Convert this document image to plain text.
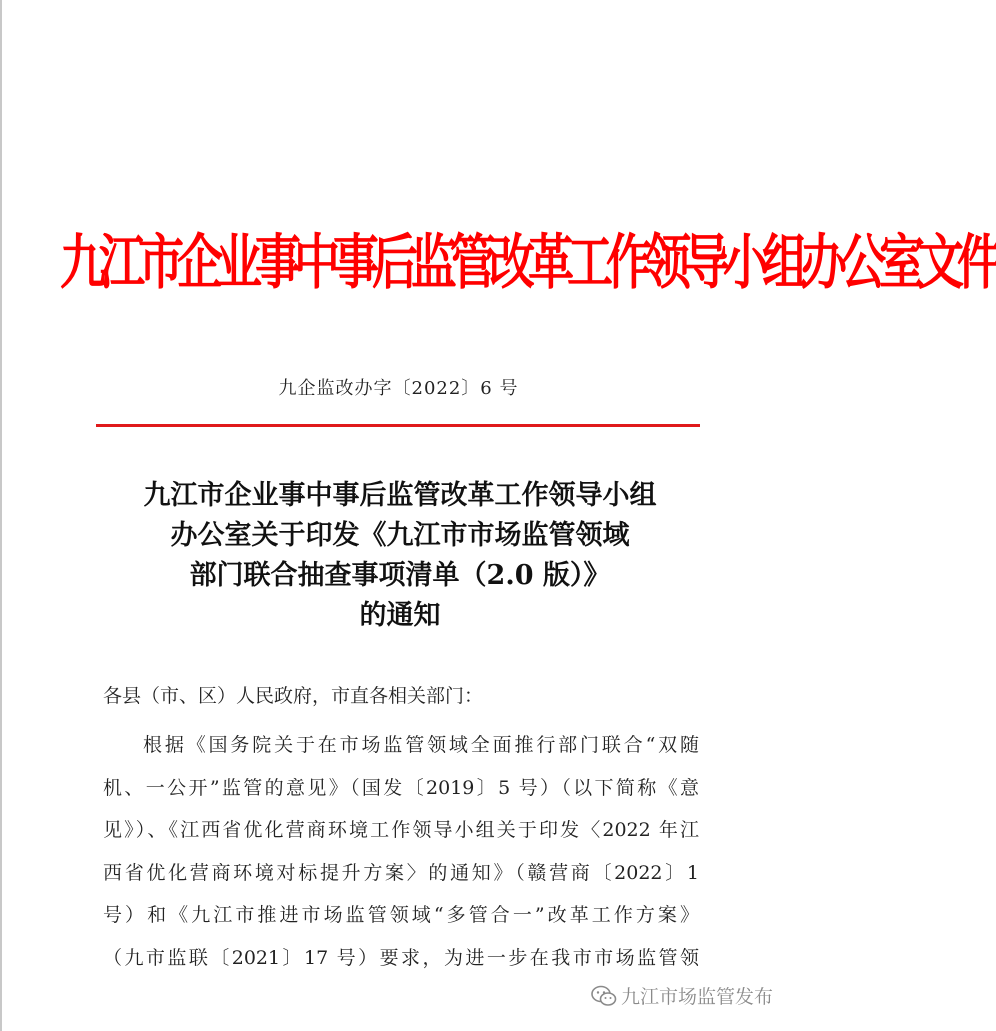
九江市企业事中事后监管改革工作领导小组办公室文件
九企监改办字〔2022〕6 号
九江市企业事中事后监管改革工作领导小组
办公室关于印发《九江市市场监管领域
部门联合抽查事项清单（2.0 版）》
的通知
各县（市、区）人民政府，市直各相关部门：
根据《国务院关于在市场监管领域全面推行部门联合“双随
机、一公开”监管的意见》（国发〔2019〕5 号）（以下简称《意
见》）、《江西省优化营商环境工作领导小组关于印发〈2022 年江
西省优化营商环境对标提升方案〉的通知》（赣营商〔2022〕1
号）和《九江市推进市场监管领域“多管合一”改革工作方案》
（九市监联〔2021〕17 号）要求，为进一步在我市市场监管领
九江市场监管发布
